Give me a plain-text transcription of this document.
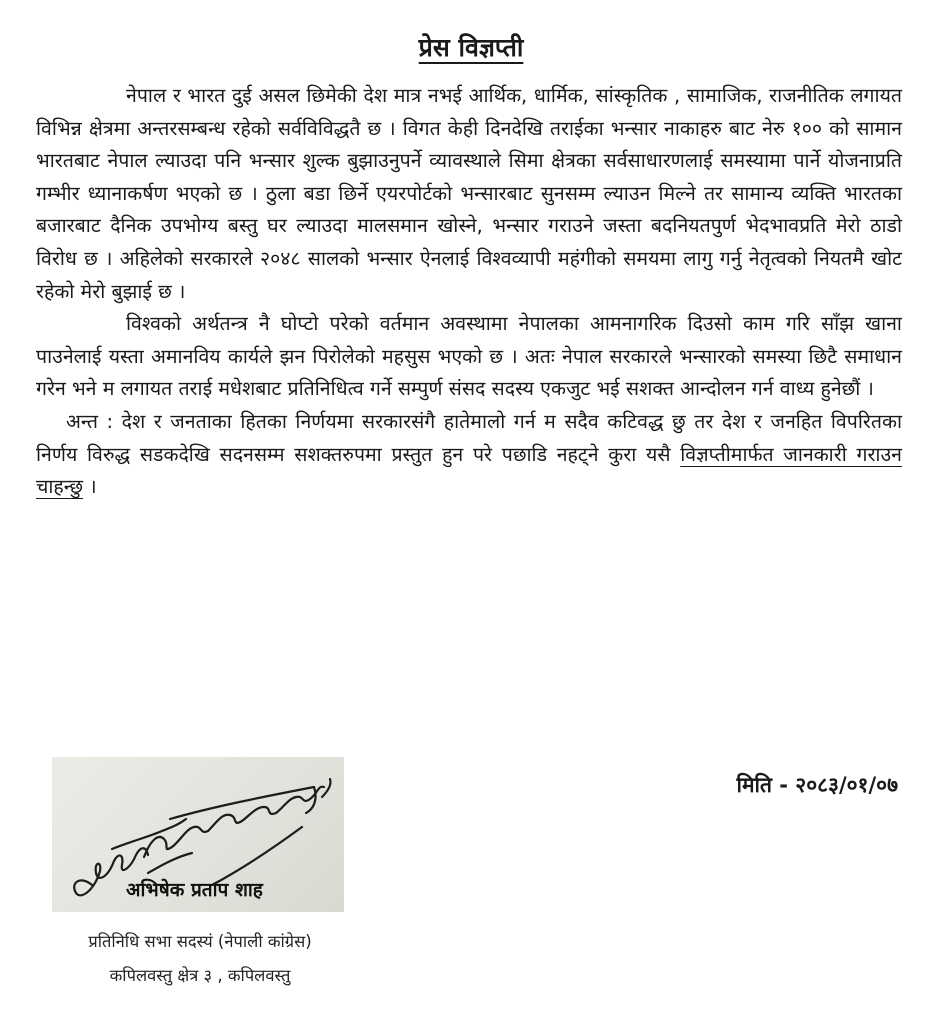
प्रेस विज्ञप्ती

नेपाल र भारत दुई असल छिमेकी देश मात्र नभई आर्थिक, धार्मिक, सांस्कृतिक , सामाजिक, राजनीतिक लगायत विभिन्न क्षेत्रमा अन्तरसम्बन्ध रहेको सर्वविविद्धतै छ । विगत केही दिनदेखि तराईका भन्सार नाकाहरु बाट नेरु १०० को सामान भारतबाट नेपाल ल्याउदा पनि भन्सार शुल्क बुझाउनुपर्ने व्यावस्थाले सिमा क्षेत्रका सर्वसाधारणलाई समस्यामा पार्ने योजनाप्रति गम्भीर ध्यानाकर्षण भएको छ । ठुला बडा छिर्ने एयरपोर्टको भन्सारबाट सुनसम्म ल्याउन मिल्ने तर सामान्य व्यक्ति भारतका बजारबाट दैनिक उपभोग्य बस्तु घर ल्याउदा मालसमान खोस्ने, भन्सार गराउने जस्ता बदनियतपुर्ण भेदभावप्रति मेरो ठाडो विरोध छ । अहिलेको सरकारले २०४८ सालको भन्सार ऐनलाई विश्वव्यापी महंगीको समयमा लागु गर्नु नेतृत्वको नियतमै खोट रहेको मेरो बुझाई छ ।

विश्वको अर्थतन्त्र नै घोप्टो परेको वर्तमान अवस्थामा नेपालका आमनागरिक दिउसो काम गरि साँझ खाना पाउनेलाई यस्ता अमानविय कार्यले झन पिरोलेको महसुस भएको छ । अतः नेपाल सरकारले भन्सारको समस्या छिटै समाधान गरेन भने म लगायत तराई मधेशबाट प्रतिनिधित्व गर्ने सम्पुर्ण संसद सदस्य एकजुट भई सशक्त आन्दोलन गर्न वाध्य हुनेछौं ।

अन्त : देश र जनताका हितका निर्णयमा सरकारसंगै हातेमालो गर्न म सदैव कटिवद्ध छु तर देश र जनहित विपरितका निर्णय विरुद्ध सडकदेखि सदनसम्म सशक्तरुपमा प्रस्तुत हुन परे पछाडि नहट्ने कुरा यसै विज्ञप्तीमार्फत जानकारी गराउन चाहन्छु ।

मिति - २०८३/०१/०७
अभिषेक प्रताप शाह
प्रतिनिधि सभा सदस्यं (नेपाली कांग्रेस)
कपिलवस्तु क्षेत्र ३ , कपिलवस्तु
